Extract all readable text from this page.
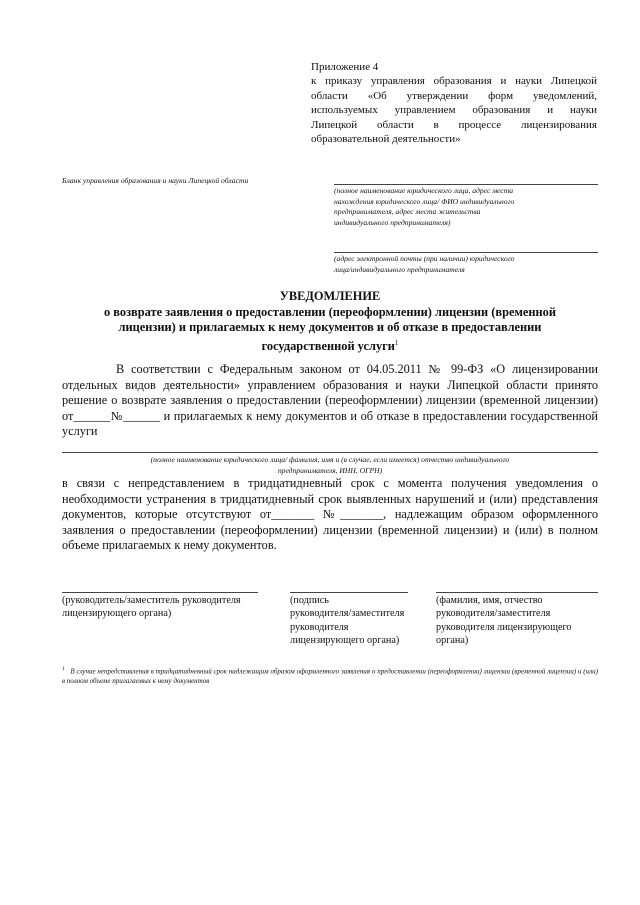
Приложение 4
к приказу управления образования и науки Липецкой
области «Об утверждении форм уведомлений,
используемых управлением образования и науки
Липецкой области в процессе лицензирования
образовательной деятельности»
Бланк управления образования и науки Липецкой области
(полное наименование юридического лица, адрес места
нахождения юридического лица/ ФИО индивидуального
предпринимателя, адрес места жительства
индивидуального предпринимателя)
(адрес электронной почты (при наличии) юридического
лица/индивидуального предпринимателя
УВЕДОМЛЕНИЕ
о возврате заявления о предоставлении (переоформлении) лицензии (временной
лицензии) и прилагаемых к нему документов и об отказе в предоставлении
государственной услуги$^1$
В соответствии с Федеральным законом от 04.05.2011 № 99-ФЗ «О лицензировании отдельных видов деятельности» управлением образования и науки Липецкой области принято решение о возврате заявления о предоставлении (переоформлении) лицензии (временной лицензии) от______№______ и прилагаемых к нему документов и об отказе в предоставлении государственной услуги
(полное наименование юридического лица/ фамилия, имя и (в случае, если имеется) отчество индивидуального
предпринимателя, ИНН, ОГРН)
в связи с непредставлением в тридцатидневный срок с момента получения уведомления о необходимости устранения в тридцатидневный срок выявленных нарушений и (или) представления документов, которые отсутствуют от_______ №_______, надлежащим образом оформленного заявления о предоставлении (переоформлении) лицензии (временной лицензии) и (или) в полном объеме прилагаемых к нему документов.
(руководитель/заместитель руководителя
лицензирующего органа)
(подпись
руководителя/заместителя
руководителя
лицензирующего органа)
(фамилия, имя, отчество
руководителя/заместителя
руководителя лицензирующего
органа)
$^1$ В случае непредставления в тридцатидневный срок надлежащим образом оформленного заявления о предоставлении (переоформлении) лицензии (временной лицензии) и (или) в полном объеме прилагаемых к нему документов
